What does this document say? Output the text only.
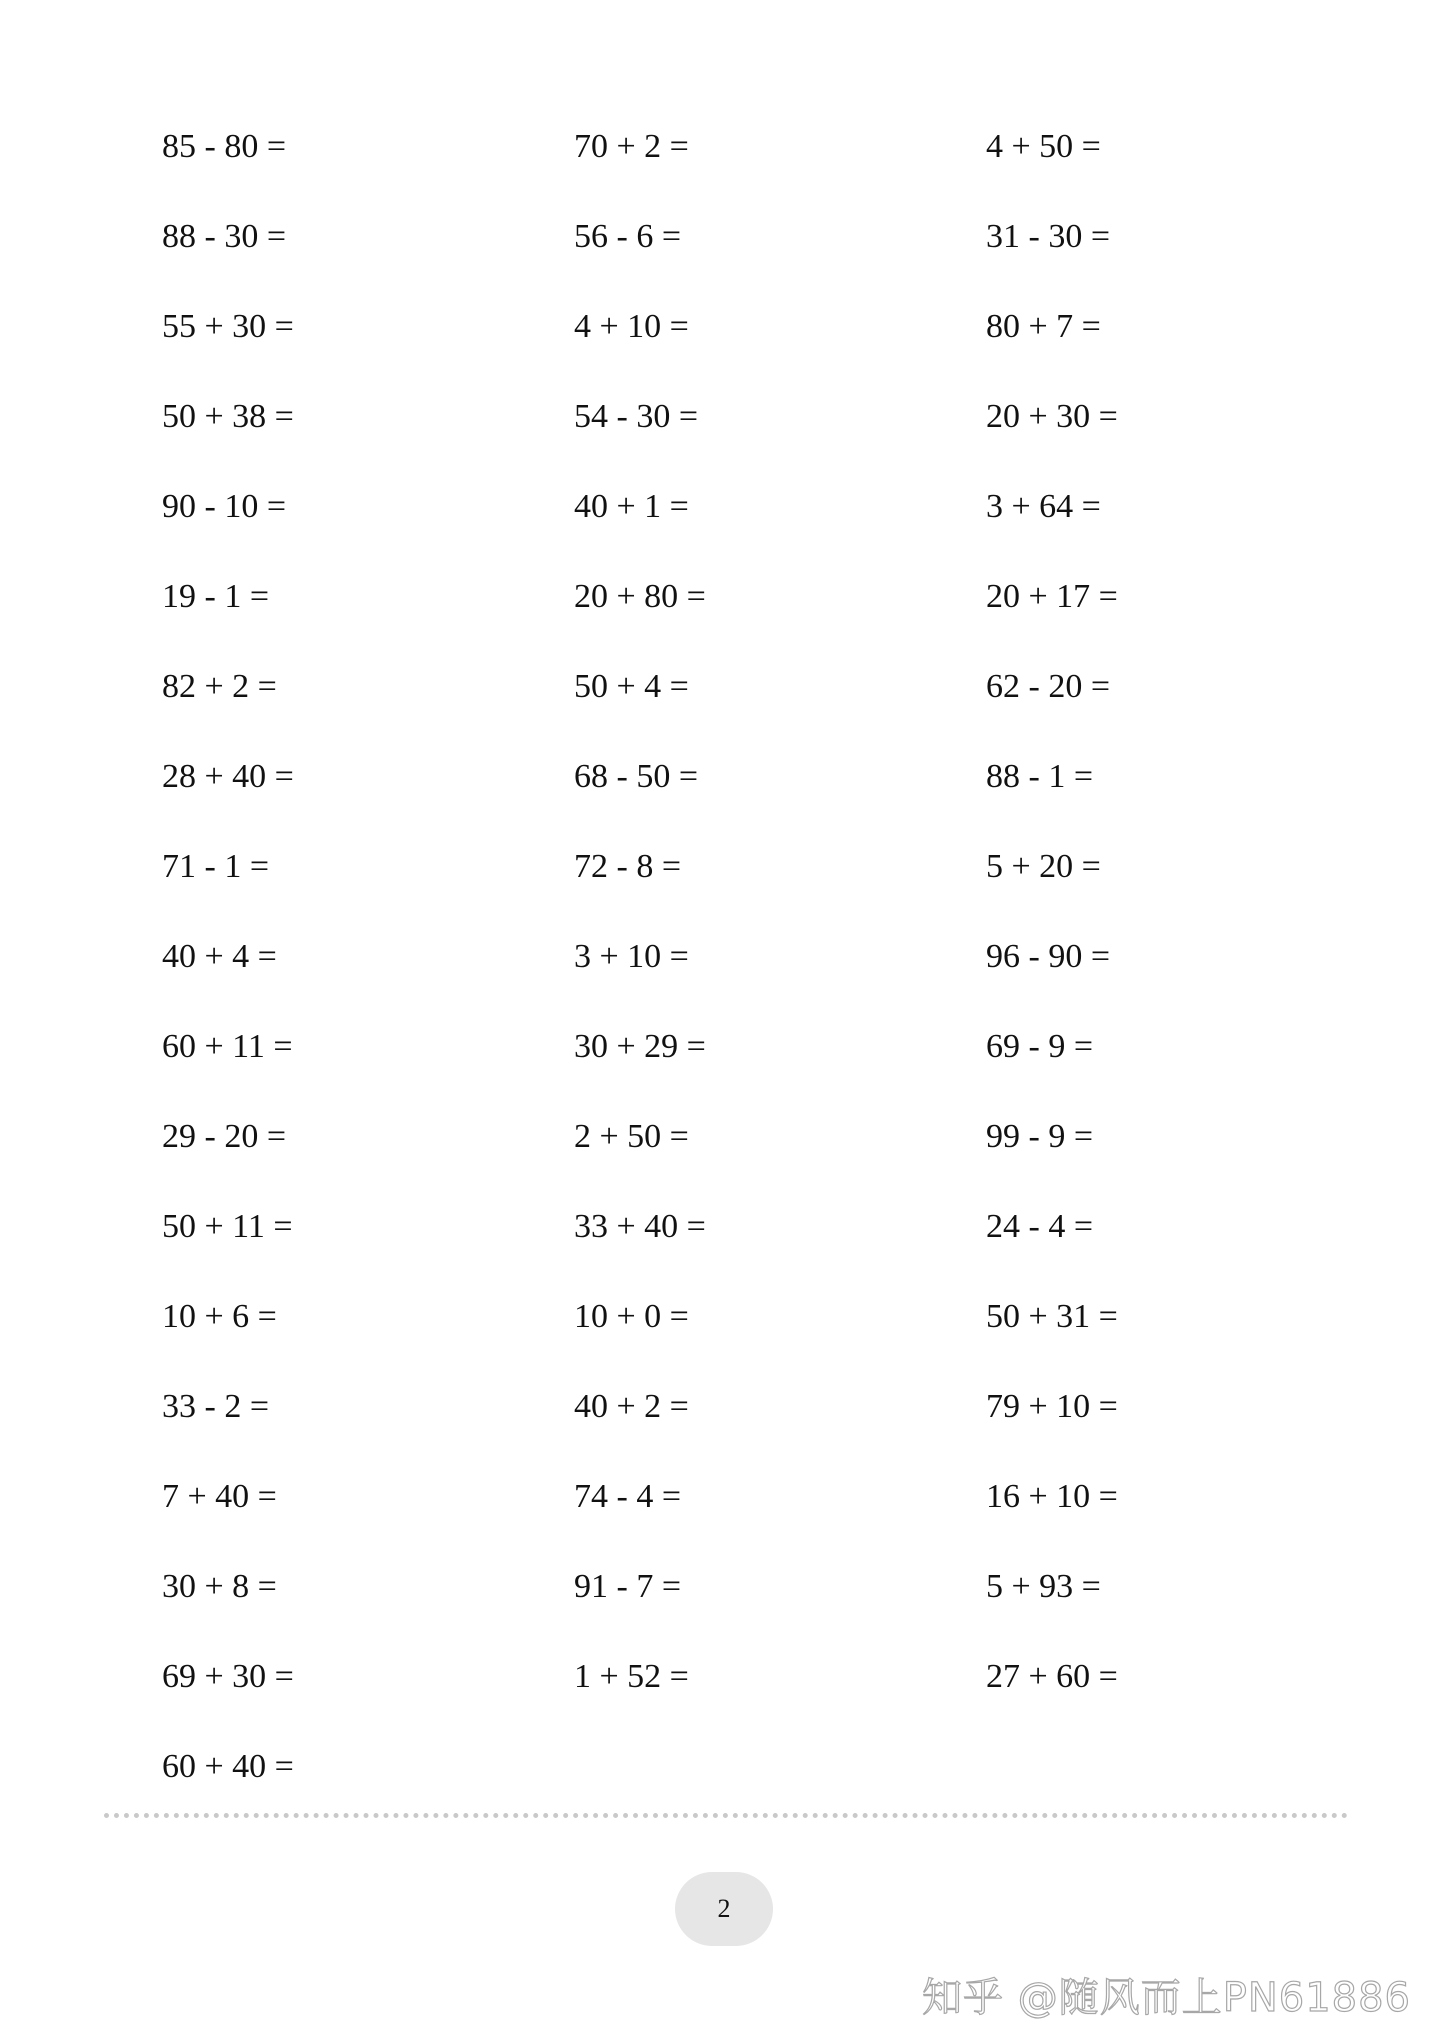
85 - 80 =	70 + 2 =	4 + 50 =
88 - 30 =	56 - 6 =	31 - 30 =
55 + 30 =	4 + 10 =	80 + 7 =
50 + 38 =	54 - 30 =	20 + 30 =
90 - 10 =	40 + 1 =	3 + 64 =
19 - 1 =	20 + 80 =	20 + 17 =
82 + 2 =	50 + 4 =	62 - 20 =
28 + 40 =	68 - 50 =	88 - 1 =
71 - 1 =	72 - 8 =	5 + 20 =
40 + 4 =	3 + 10 =	96 - 90 =
60 + 11 =	30 + 29 =	69 - 9 =
29 - 20 =	2 + 50 =	99 - 9 =
50 + 11 =	33 + 40 =	24 - 4 =
10 + 6 =	10 + 0 =	50 + 31 =
33 - 2 =	40 + 2 =	79 + 10 =
7 + 40 =	74 - 4 =	16 + 10 =
30 + 8 =	91 - 7 =	5 + 93 =
69 + 30 =	1 + 52 =	27 + 60 =
60 + 40 =
2
知乎 @随风而上PN61886
